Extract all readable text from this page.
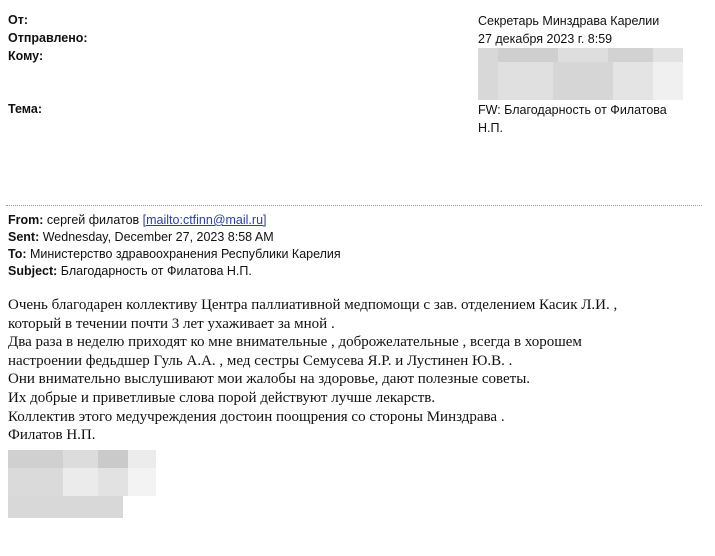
От:
Отправлено:
Кому:
Тема:
Секретарь Минздрава Карелии
27 декабря 2023 г. 8:59
FW: Благодарность от Филатова
Н.П.
From: сергей филатов [mailto:ctfinn@mail.ru]
Sent: Wednesday, December 27, 2023 8:58 AM
To: Министерство здравоохранения Республики Карелия
Subject: Благодарность от Филатова Н.П.
Очень благодарен коллективу Центра паллиативной медпомощи с зав. отделением Касик Л.И. ,
который в течении почти 3 лет ухаживает за мной .
Два раза в неделю приходят ко мне внимательные , доброжелательные , всегда в хорошем
настроении федьдшер Гуль А.А. , мед сестры Семусева Я.Р. и Лустинен Ю.В. .
Они внимательно выслушивают мои жалобы на здоровье, дают полезные советы.
Их добрые и приветливые слова порой действуют лучше лекарств.
Коллектив этого медучреждения достоин поощрения со стороны Минздрава .
Филатов Н.П.
